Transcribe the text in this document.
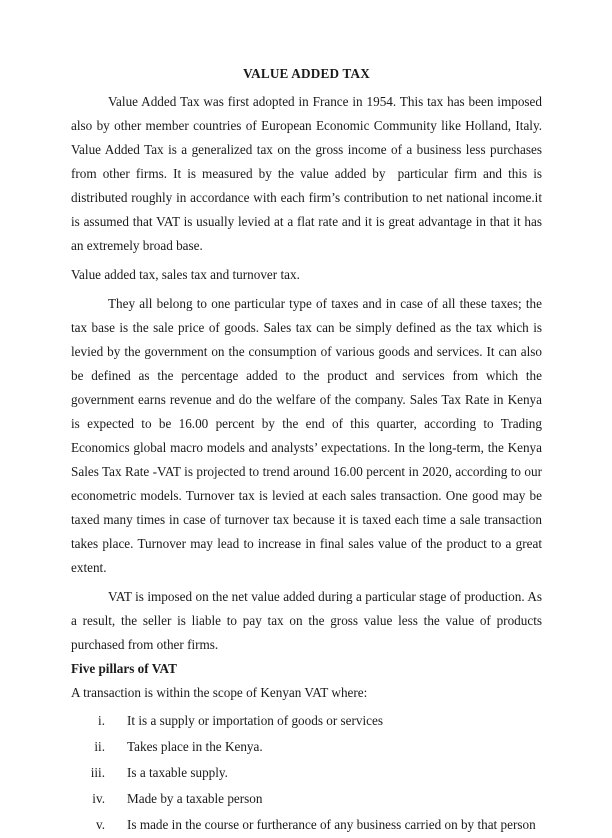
VALUE ADDED TAX

Value Added Tax was first adopted in France in 1954. This tax has been imposed also by other member countries of European Economic Community like Holland, Italy. Value Added Tax is a generalized tax on the gross income of a business less purchases from other firms. It is measured by the value added by  particular firm and this is distributed roughly in accordance with each firm’s contribution to net national income.it is assumed that VAT is usually levied at a flat rate and it is great advantage in that it has an extremely broad base.

Value added tax, sales tax and turnover tax.

They all belong to one particular type of taxes and in case of all these taxes; the tax base is the sale price of goods. Sales tax can be simply defined as the tax which is levied by the government on the consumption of various goods and services. It can also be defined as the percentage added to the product and services from which the government earns revenue and do the welfare of the company. Sales Tax Rate in Kenya is expected to be 16.00 percent by the end of this quarter, according to Trading Economics global macro models and analysts’ expectations. In the long-term, the Kenya Sales Tax Rate -VAT is projected to trend around 16.00 percent in 2020, according to our econometric models. Turnover tax is levied at each sales transaction. One good may be taxed many times in case of turnover tax because it is taxed each time a sale transaction takes place. Turnover may lead to increase in final sales value of the product to a great extent.

VAT is imposed on the net value added during a particular stage of production. As a result, the seller is liable to pay tax on the gross value less the value of products purchased from other firms.

Five pillars of VAT

A transaction is within the scope of Kenyan VAT where:

i. It is a supply or importation of goods or services
ii. Takes place in the Kenya.
iii. Is a taxable supply.
iv. Made by a taxable person
v. Is made in the course or furtherance of any business carried on by that person
